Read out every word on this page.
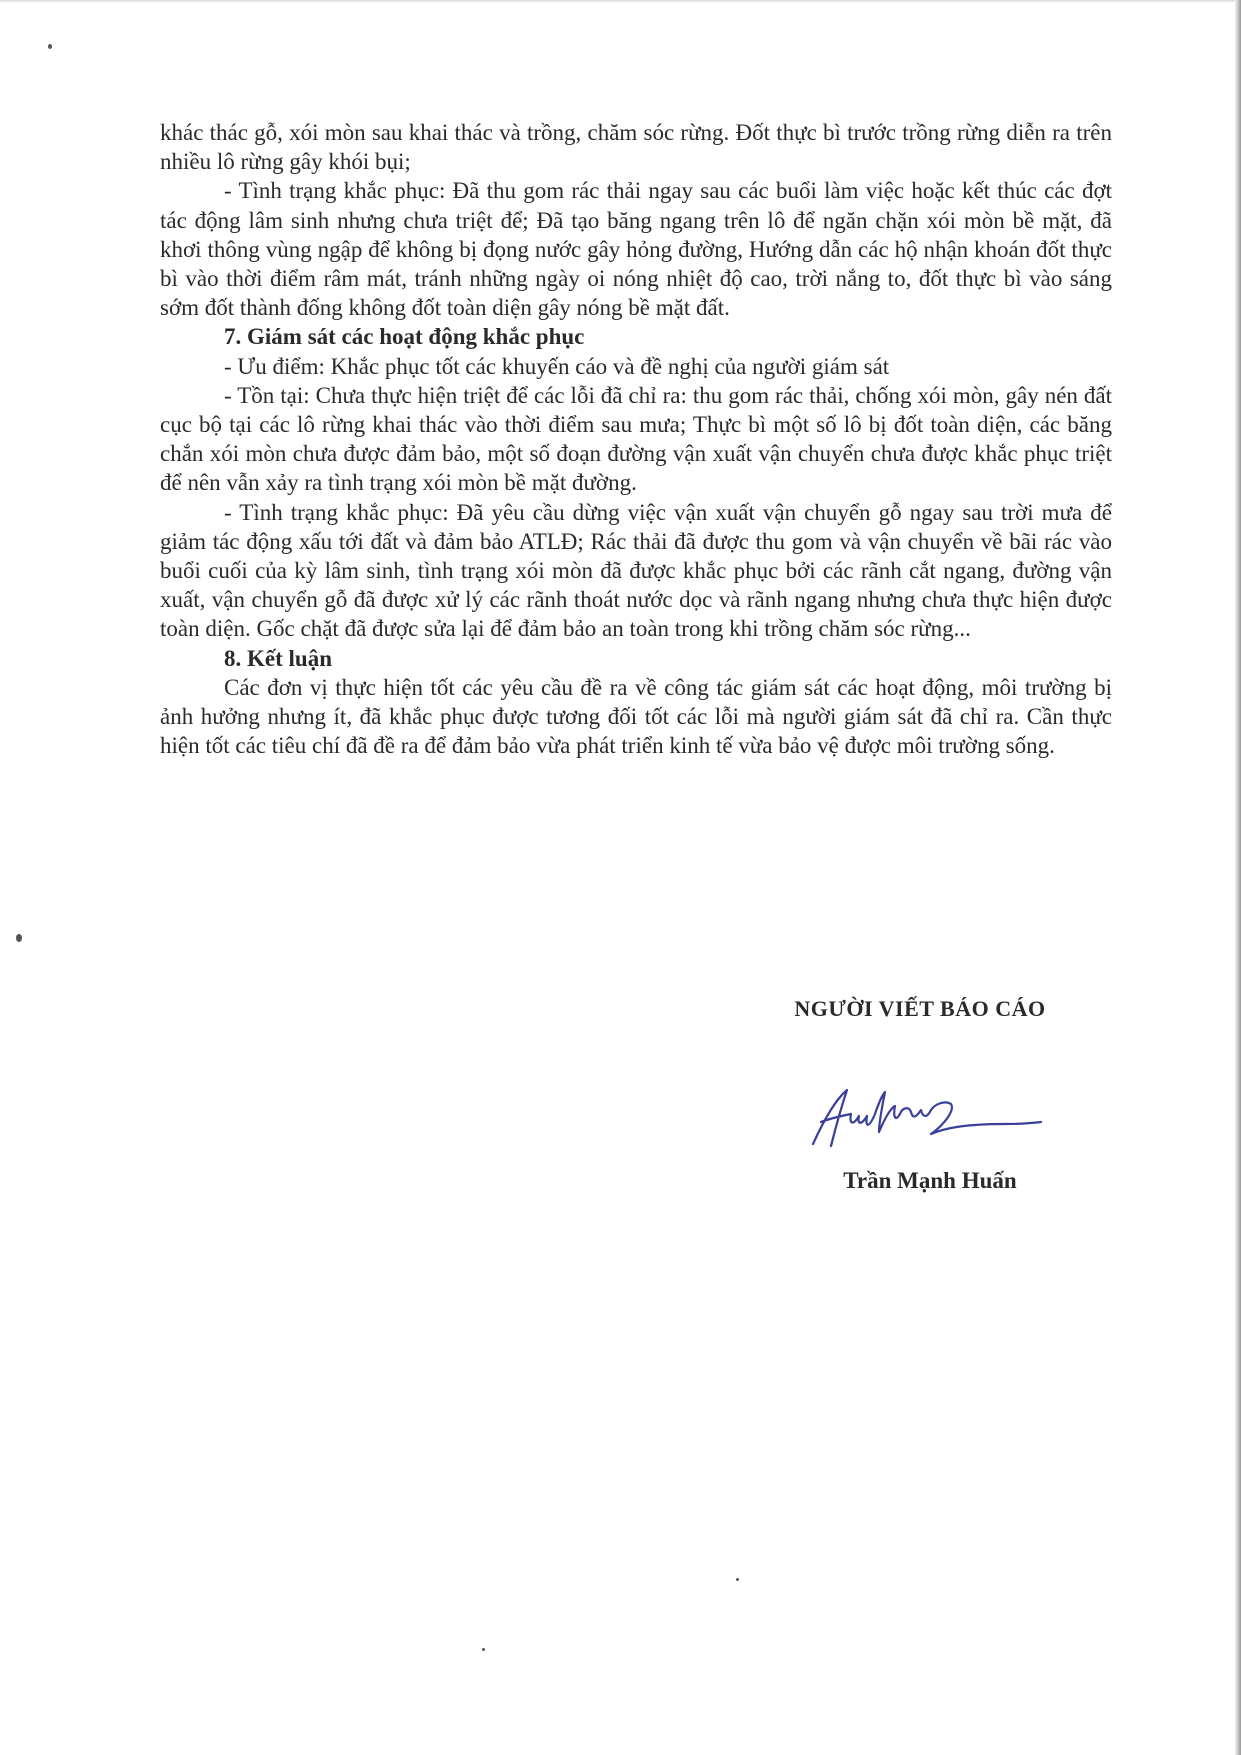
khác thác gỗ, xói mòn sau khai thác và trồng, chăm sóc rừng. Đốt thực bì trước trồng rừng diễn ra trên nhiều lô rừng gây khói bụi;

- Tình trạng khắc phục: Đã thu gom rác thải ngay sau các buổi làm việc hoặc kết thúc các đợt tác động lâm sinh nhưng chưa triệt để; Đã tạo băng ngang trên lô để ngăn chặn xói mòn bề mặt, đã khơi thông vùng ngập để không bị đọng nước gây hỏng đường, Hướng dẫn các hộ nhận khoán đốt thực bì vào thời điểm râm mát, tránh những ngày oi nóng nhiệt độ cao, trời nắng to, đốt thực bì vào sáng sớm đốt thành đống không đốt toàn diện gây nóng bề mặt đất.

7. Giám sát các hoạt động khắc phục

- Ưu điểm: Khắc phục tốt các khuyến cáo và đề nghị của người giám sát

- Tồn tại: Chưa thực hiện triệt để các lỗi đã chỉ ra: thu gom rác thải, chống xói mòn, gây nén đất cục bộ tại các lô rừng khai thác vào thời điểm sau mưa; Thực bì một số lô bị đốt toàn diện, các băng chắn xói mòn chưa được đảm bảo, một số đoạn đường vận xuất vận chuyển chưa được khắc phục triệt để nên vẫn xảy ra tình trạng xói mòn bề mặt đường.

- Tình trạng khắc phục: Đã yêu cầu dừng việc vận xuất vận chuyển gỗ ngay sau trời mưa để giảm tác động xấu tới đất và đảm bảo ATLĐ; Rác thải đã được thu gom và vận chuyển về bãi rác vào buổi cuối của kỳ lâm sinh, tình trạng xói mòn đã được khắc phục bởi các rãnh cắt ngang, đường vận xuất, vận chuyển gỗ đã được xử lý các rãnh thoát nước dọc và rãnh ngang nhưng chưa thực hiện được toàn diện. Gốc chặt đã được sửa lại để đảm bảo an toàn trong khi trồng chăm sóc rừng...

8. Kết luận

Các đơn vị thực hiện tốt các yêu cầu đề ra về công tác giám sát các hoạt động, môi trường bị ảnh hưởng nhưng ít, đã khắc phục được tương đối tốt các lỗi mà người giám sát đã chỉ ra. Cần thực hiện tốt các tiêu chí đã đề ra để đảm bảo vừa phát triển kinh tế vừa bảo vệ được môi trường sống.

NGƯỜI VIẾT BÁO CÁO
Trần Mạnh Huấn
